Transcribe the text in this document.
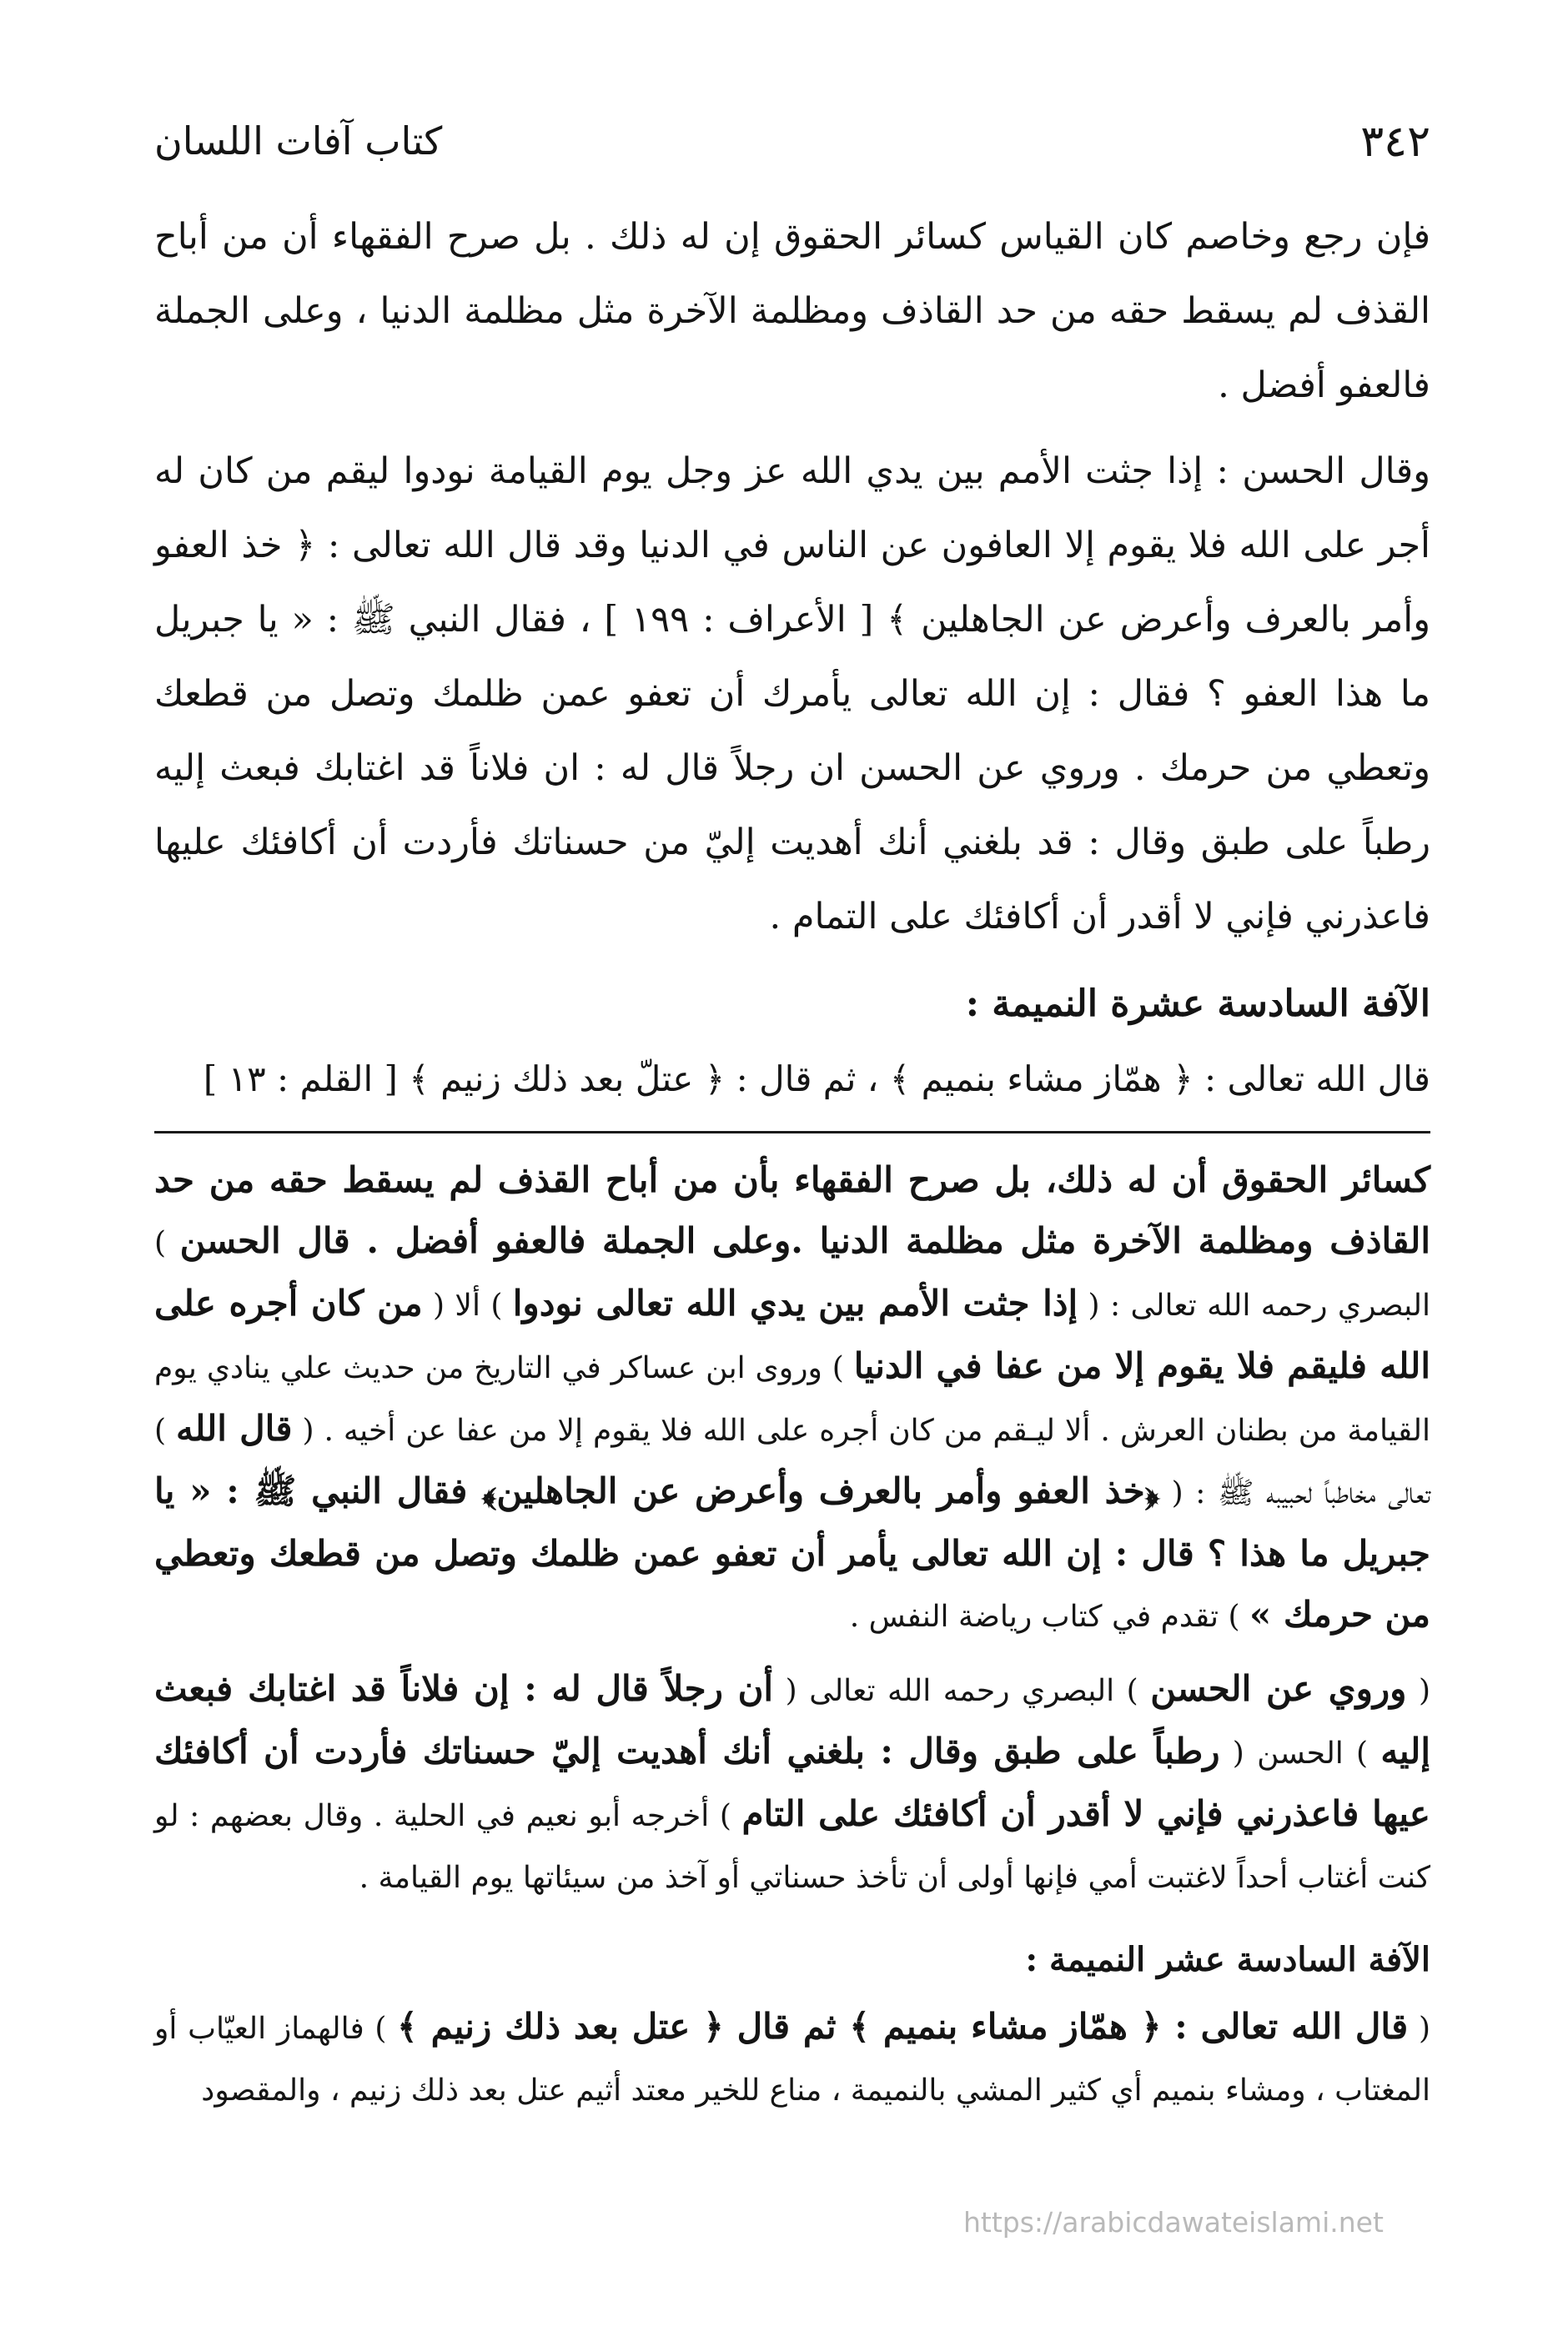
٣٤٢
كتاب آفات اللسان

فإن رجع وخاصم كان القياس كسائر الحقوق إن له ذلك . بل صرح الفقهاء أن من أباح القذف لم يسقط حقه من حد القاذف ومظلمة الآخرة مثل مظلمة الدنيا ، وعلى الجملة فالعفو أفضل .

وقال الحسن : إذا جثت الأمم بين يدي الله عز وجل يوم القيامة نودوا ليقم من كان له أجر على الله فلا يقوم إلا العافون عن الناس في الدنيا وقد قال الله تعالى : ﴿ خذ العفو وأمر بالعرف وأعرض عن الجاهلين ﴾ [ الأعراف : ١٩٩ ] ، فقال النبي ﷺ : « يا جبريل ما هذا العفو ؟ فقال : إن الله تعالى يأمرك أن تعفو عمن ظلمك وتصل من قطعك وتعطي من حرمك . وروي عن الحسن ان رجلاً قال له : ان فلاناً قد اغتابك فبعث إليه رطباً على طبق وقال : قد بلغني أنك أهديت إليّ من حسناتك فأردت أن أكافئك عليها فاعذرني فإني لا أقدر أن أكافئك على التمام .

الآفة السادسة عشرة النميمة :

قال الله تعالى : ﴿ همّاز مشاء بنميم ﴾ ، ثم قال : ﴿ عتلّ بعد ذلك زنيم ﴾ [ القلم : ١٣ ]

كسائر الحقوق أن له ذلك، بل صرح الفقهاء بأن من أباح القذف لم يسقط حقه من حد القاذف ومظلمة الآخرة مثل مظلمة الدنيا .وعلى الجملة فالعفو أفضل . قال الحسن ) البصري رحمه الله تعالى : ( إذا جثت الأمم بين يدي الله تعالى نودوا ) ألا ( من كان أجره على الله فليقم فلا يقوم إلا من عفا في الدنيا ) وروى ابن عساكر في التاريخ من حديث علي ينادي يوم القيامة من بطنان العرش . ألا ليـقم من كان أجره على الله فلا يقوم إلا من عفا عن أخيه . ( قال الله ) تعالى مخاطباً لحبيبه ﷺ : ( ﴿خذ العفو وأمر بالعرف وأعرض عن الجاهلين﴾ فقال النبي ﷺ : « يا جبريل ما هذا ؟ قال : إن الله تعالى يأمر أن تعفو عمن ظلمك وتصل من قطعك وتعطي من حرمك » ) تقدم في كتاب رياضة النفس .

( وروي عن الحسن ) البصري رحمه الله تعالى ( أن رجلاً قال له : إن فلاناً قد اغتابك فبعث إليه ) الحسن ( رطباً على طبق وقال : بلغني أنك أهديت إليّ حسناتك فأردت أن أكافئك عيها فاعذرني فإني لا أقدر أن أكافئك على التام ) أخرجه أبو نعيم في الحلية . وقال بعضهم : لو كنت أغتاب أحداً لاغتبت أمي فإنها أولى أن تأخذ حسناتي أو آخذ من سيئاتها يوم القيامة .

الآفة السادسة عشر النميمة :

( قال الله تعالى : ﴿ همّاز مشاء بنميم ﴾ ثم قال ﴿ عتل بعد ذلك زنيم ﴾ ) فالهماز العيّاب أو المغتاب ، ومشاء بنميم أي كثير المشي بالنميمة ، مناع للخير معتد أثيم عتل بعد ذلك زنيم ، والمقصود

https://arabicdawateislami.net
